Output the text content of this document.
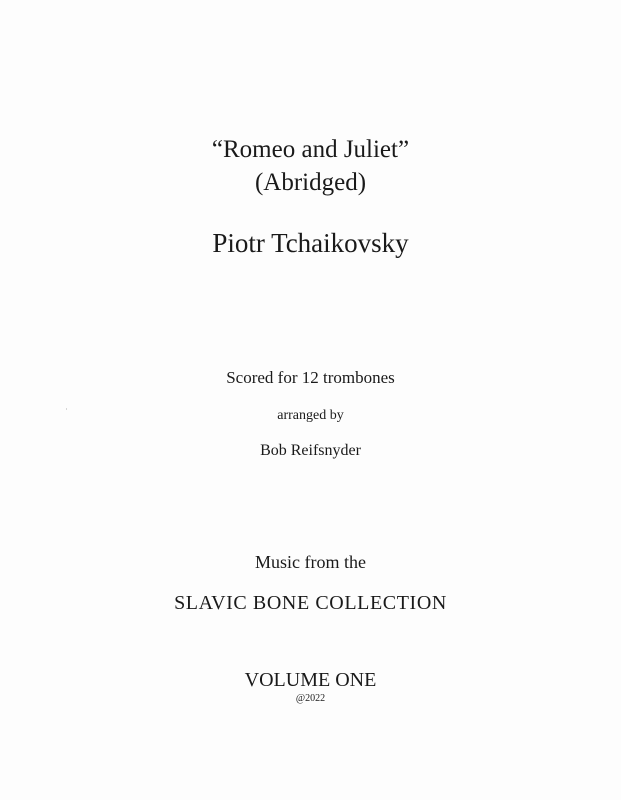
“Romeo and Juliet”
(Abridged)
Piotr Tchaikovsky
Scored for 12 trombones
arranged by
Bob Reifsnyder
Music from the
SLAVIC BONE COLLECTION
VOLUME ONE
@2022
